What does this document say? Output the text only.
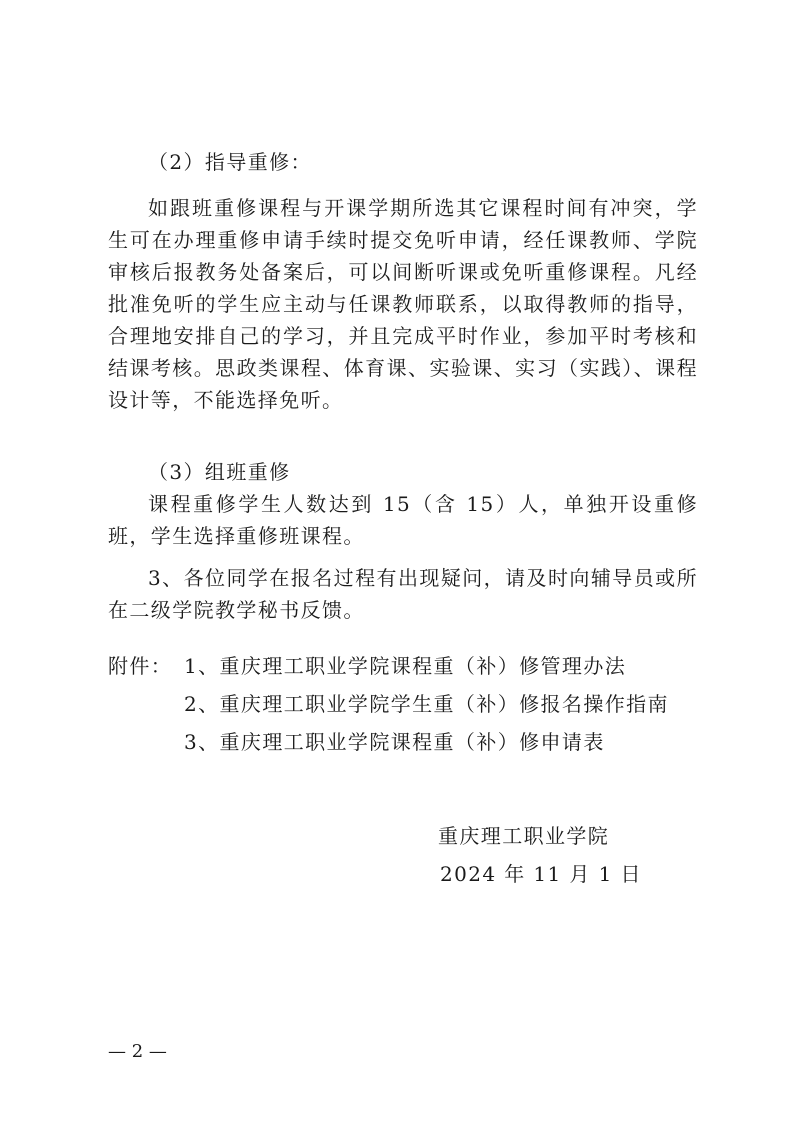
（2）指导重修：

如跟班重修课程与开课学期所选其它课程时间有冲突，学生可在办理重修申请手续时提交免听申请，经任课教师、学院审核后报教务处备案后，可以间断听课或免听重修课程。凡经批准免听的学生应主动与任课教师联系，以取得教师的指导，合理地安排自己的学习，并且完成平时作业，参加平时考核和结课考核。思政类课程、体育课、实验课、实习（实践）、课程设计等，不能选择免听。

（3）组班重修

课程重修学生人数达到 15（含 15）人，单独开设重修班，学生选择重修班课程。

3、各位同学在报名过程有出现疑问，请及时向辅导员或所在二级学院教学秘书反馈。

附件： 1、重庆理工职业学院课程重（补）修管理办法
2、重庆理工职业学院学生重（补）修报名操作指南
3、重庆理工职业学院课程重（补）修申请表
重庆理工职业学院
2024 年 11 月 1 日
— 2 —
